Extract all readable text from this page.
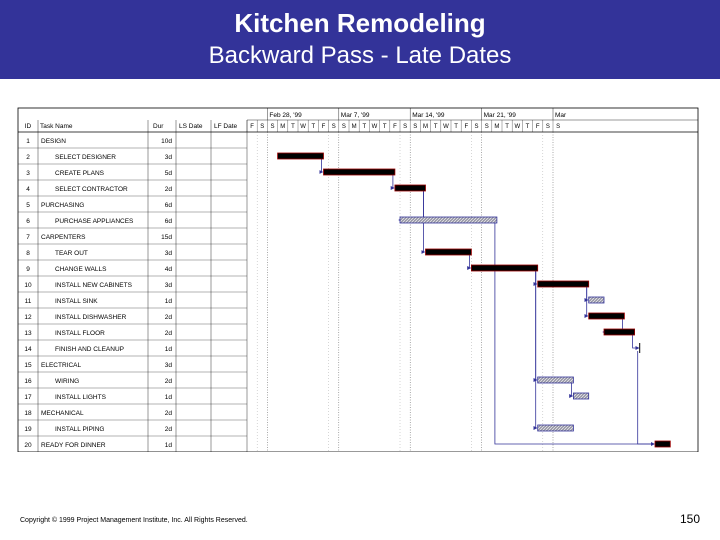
Kitchen Remodeling
Backward Pass - Late Dates
ID Task Name	Dur LS Date LF Date
1 DESIGN	10d
2	SELECT DESIGNER	3d
3	CREATE PLANS	5d
4	SELECT CONTRACTOR	2d
5 PURCHASING	6d
6	PURCHASE APPLIANCES	6d
7 CARPENTERS	15d
8	TEAR OUT	3d
9	CHANGE WALLS	4d
10	INSTALL NEW CABINETS	3d
11	INSTALL SINK	1d
12	INSTALL DISHWASHER	2d
13	INSTALL FLOOR	2d
14	FINISH AND CLEANUP	1d
15 ELECTRICAL	3d
16	WIRING	2d
17	INSTALL LIGHTS	1d
18 MECHANICAL	2d
19	INSTALL PIPING	2d
20 READY FOR DINNER	1d
Feb 28, '99	Mar 7, '99	Mar 14, '99	Mar 21, '99	Mar
F S S M T W T F S S M T W T F S S M T W T F S S M T W T F S S
Copyright © 1999 Project Management Institute, Inc. All Rights Reserved.	150
